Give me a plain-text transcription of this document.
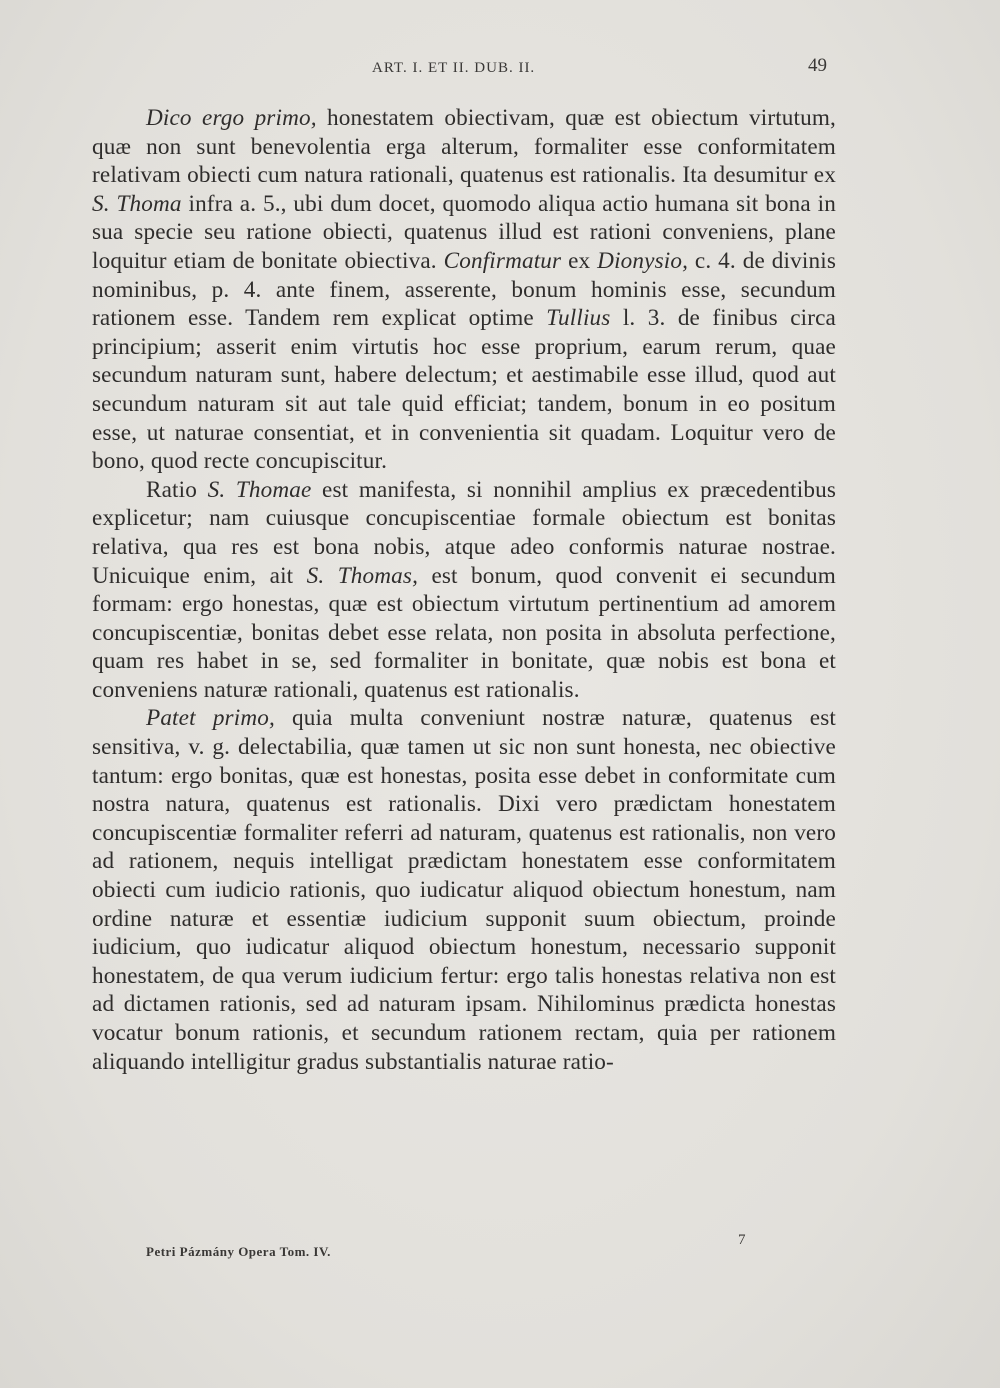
ART. I. ET II. DUB. II.	49

Dico ergo primo, honestatem obiectivam, quæ est obiectum virtutum, quæ non sunt benevolentia erga alterum, formaliter esse conformitatem relativam obiecti cum natura rationali, quatenus est rationalis. Ita desumitur ex S. Thoma infra a. 5., ubi dum docet, quomodo aliqua actio humana sit bona in sua specie seu ratione obiecti, quatenus illud est rationi conveniens, plane loquitur etiam de bonitate obiectiva. Confirmatur ex Dionysio, c. 4. de divinis nominibus, p. 4. ante finem, asserente, bonum hominis esse, secundum rationem esse. Tandem rem explicat optime Tullius l. 3. de finibus circa principium; asserit enim virtutis hoc esse proprium, earum rerum, quae secundum naturam sunt, habere delectum; et aestimabile esse illud, quod aut secundum naturam sit aut tale quid efficiat; tandem, bonum in eo positum esse, ut naturae consentiat, et in convenientia sit quadam. Loquitur vero de bono, quod recte concupiscitur.

Ratio S. Thomae est manifesta, si nonnihil amplius ex præcedentibus explicetur; nam cuiusque concupiscentiae formale obiectum est bonitas relativa, qua res est bona nobis, atque adeo conformis naturae nostrae. Unicuique enim, ait S. Thomas, est bonum, quod convenit ei secundum formam: ergo honestas, quæ est obiectum virtutum pertinentium ad amorem concupiscentiæ, bonitas debet esse relata, non posita in absoluta perfectione, quam res habet in se, sed formaliter in bonitate, quæ nobis est bona et conveniens naturæ rationali, quatenus est rationalis.

Patet primo, quia multa conveniunt nostræ naturæ, quatenus est sensitiva, v. g. delectabilia, quæ tamen ut sic non sunt honesta, nec obiective tantum: ergo bonitas, quæ est honestas, posita esse debet in conformitate cum nostra natura, quatenus est rationalis. Dixi vero prædictam honestatem concupiscentiæ formaliter referri ad naturam, quatenus est rationalis, non vero ad rationem, nequis intelligat prædictam honestatem esse conformitatem obiecti cum iudicio rationis, quo iudicatur aliquod obiectum honestum, nam ordine naturæ et essentiæ iudicium supponit suum obiectum, proinde iudicium, quo iudicatur aliquod obiectum honestum, necessario supponit honestatem, de qua verum iudicium fertur: ergo talis honestas relativa non est ad dictamen rationis, sed ad naturam ipsam. Nihilominus prædicta honestas vocatur bonum rationis, et secundum rationem rectam, quia per rationem aliquando intelligitur gradus substantialis naturae ratio-

Petri Pázmány Opera Tom. IV.
7
